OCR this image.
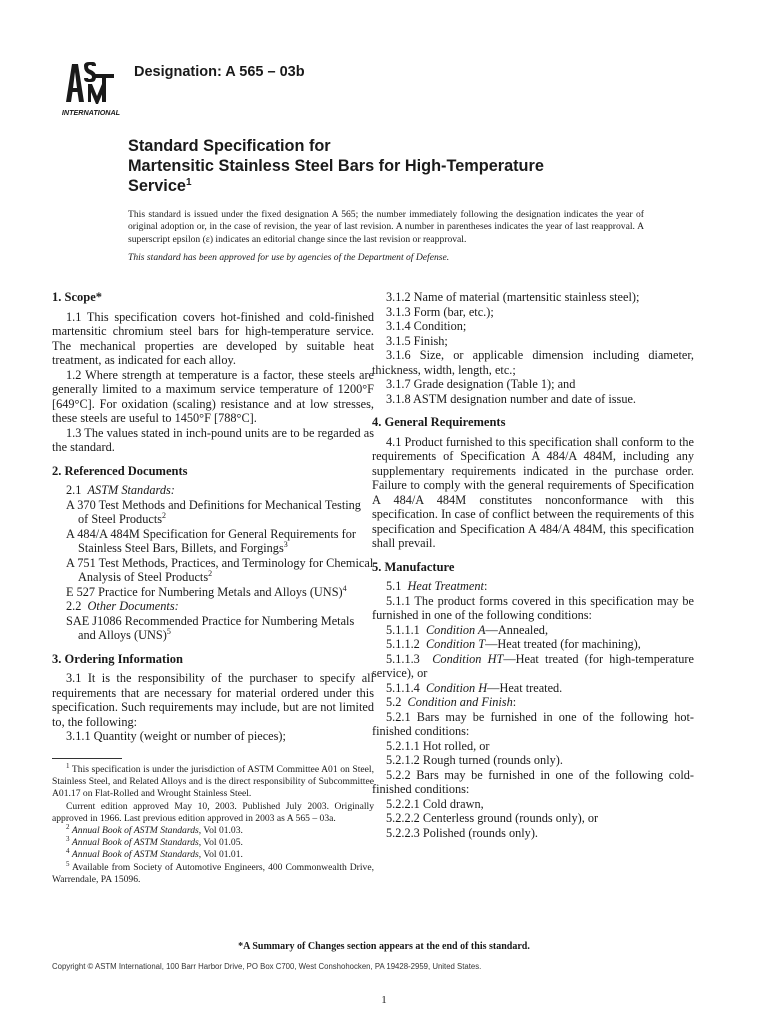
INTERNATIONAL
Designation: A 565 – 03b
Standard Specification for
Martensitic Stainless Steel Bars for High-Temperature
Service$^1$
This standard is issued under the fixed designation A 565; the number immediately following the designation indicates the year of original adoption or, in the case of revision, the year of last revision. A number in parentheses indicates the year of last reapproval. A superscript epsilon (ε) indicates an editorial change since the last revision or reapproval.
This standard has been approved for use by agencies of the Department of Defense.

1. Scope*

1.1 This specification covers hot-finished and cold-finished martensitic chromium steel bars for high-temperature service. The mechanical properties are developed by suitable heat treatment, as indicated for each alloy.

1.2 Where strength at temperature is a factor, these steels are generally limited to a maximum service temperature of 1200°F [649°C]. For oxidation (scaling) resistance and at low stresses, these steels are useful to 1450°F [788°C].

1.3 The values stated in inch-pound units are to be regarded as the standard.

2. Referenced Documents

2.1 ASTM Standards:

A 370 Test Methods and Definitions for Mechanical Testing of Steel Products$^2$

A 484/A 484M Specification for General Requirements for Stainless Steel Bars, Billets, and Forgings$^3$

A 751 Test Methods, Practices, and Terminology for Chemical Analysis of Steel Products$^2$

E 527 Practice for Numbering Metals and Alloys (UNS)$^4$

2.2 Other Documents:

SAE J1086 Recommended Practice for Numbering Metals and Alloys (UNS)$^5$

3. Ordering Information

3.1 It is the responsibility of the purchaser to specify all requirements that are necessary for material ordered under this specification. Such requirements may include, but are not limited to, the following:

3.1.1 Quantity (weight or number of pieces);

$^1$ This specification is under the jurisdiction of ASTM Committee A01 on Steel, Stainless Steel, and Related Alloys and is the direct responsibility of Subcommittee A01.17 on Flat-Rolled and Wrought Stainless Steel.

Current edition approved May 10, 2003. Published July 2003. Originally approved in 1966. Last previous edition approved in 2003 as A 565 – 03a.

$^2$ Annual Book of ASTM Standards, Vol 01.03.

$^3$ Annual Book of ASTM Standards, Vol 01.05.

$^4$ Annual Book of ASTM Standards, Vol 01.01.

$^5$ Available from Society of Automotive Engineers, 400 Commonwealth Drive, Warrendale, PA 15096.

3.1.2 Name of material (martensitic stainless steel);

3.1.3 Form (bar, etc.);

3.1.4 Condition;

3.1.5 Finish;

3.1.6 Size, or applicable dimension including diameter, thickness, width, length, etc.;

3.1.7 Grade designation (Table 1); and

3.1.8 ASTM designation number and date of issue.

4. General Requirements

4.1 Product furnished to this specification shall conform to the requirements of Specification A 484/A 484M, including any supplementary requirements indicated in the purchase order. Failure to comply with the general requirements of Specification A 484/A 484M constitutes nonconformance with this specification. In case of conflict between the requirements of this specification and Specification A 484/A 484M, this specification shall prevail.

5. Manufacture

5.1 Heat Treatment:

5.1.1 The product forms covered in this specification may be furnished in one of the following conditions:

5.1.1.1 Condition A—Annealed,

5.1.1.2 Condition T—Heat treated (for machining),

5.1.1.3 Condition HT—Heat treated (for high-temperature service), or

5.1.1.4 Condition H—Heat treated.

5.2 Condition and Finish:

5.2.1 Bars may be furnished in one of the following hot-finished conditions:

5.2.1.1 Hot rolled, or

5.2.1.2 Rough turned (rounds only).

5.2.2 Bars may be furnished in one of the following cold-finished conditions:

5.2.2.1 Cold drawn,

5.2.2.2 Centerless ground (rounds only), or

5.2.2.3 Polished (rounds only).

*A Summary of Changes section appears at the end of this standard.
Copyright © ASTM International, 100 Barr Harbor Drive, PO Box C700, West Conshohocken, PA 19428-2959, United States.
1
